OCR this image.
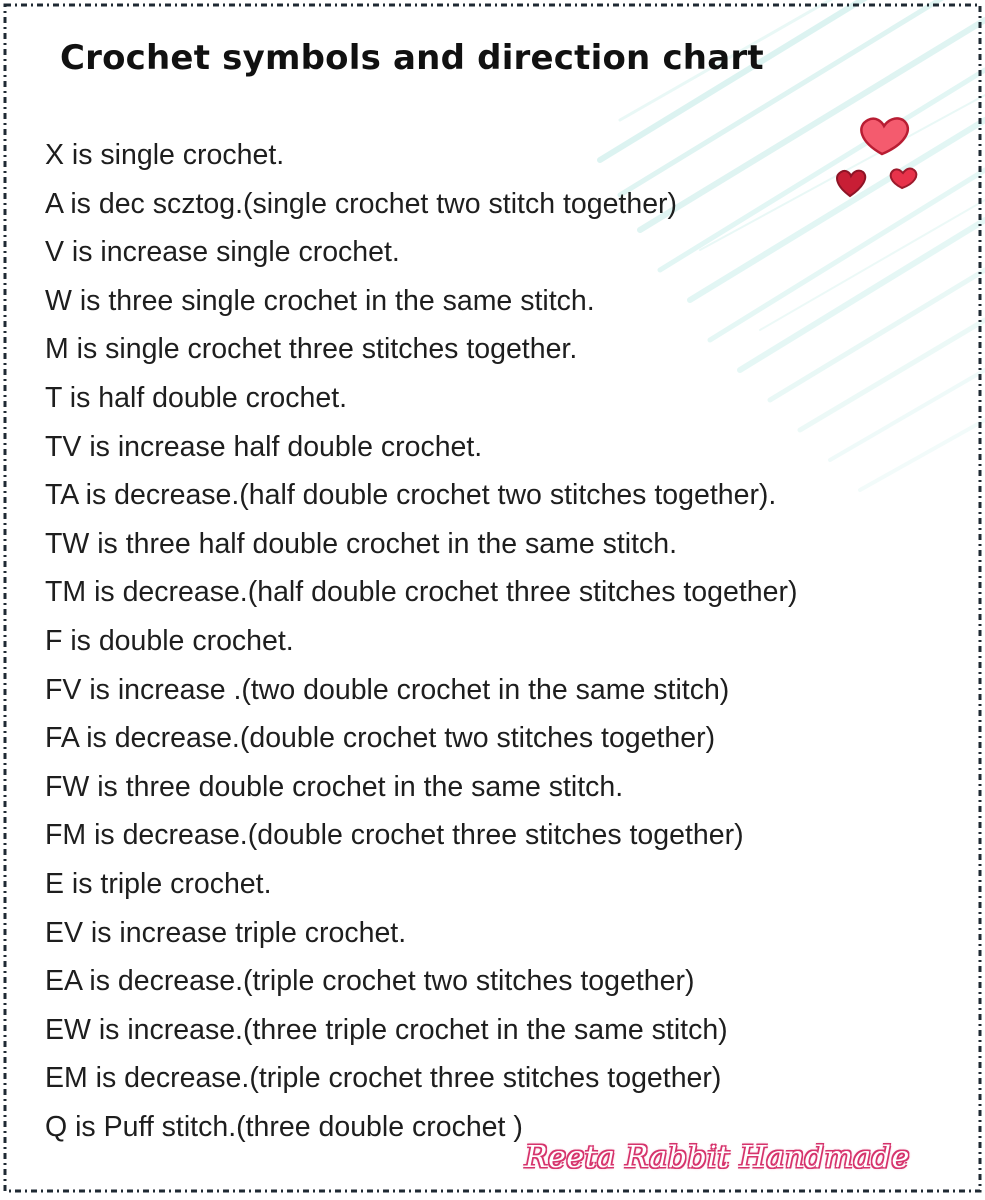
Crochet symbols and direction chart
X is single crochet.
A is dec scztog.(single crochet two stitch together)
V is increase single crochet.
W is three single crochet in the same stitch.
M is single crochet three stitches together.
T is half double crochet.
TV is increase half double crochet.
TA is decrease.(half double crochet two stitches together).
TW is three half double crochet in the same stitch.
TM is decrease.(half double crochet three stitches together)
F is double crochet.
FV is increase .(two double crochet in the same stitch)
FA is decrease.(double crochet two stitches together)
FW is three double crochet in the same stitch.
FM is decrease.(double crochet three stitches together)
E is triple crochet.
EV is increase triple crochet.
EA is decrease.(triple crochet two stitches together)
EW is increase.(three triple crochet in the same stitch)
EM is decrease.(triple crochet three stitches together)
Q is Puff stitch.(three double crochet )
Reeta Rabbit Handmade
